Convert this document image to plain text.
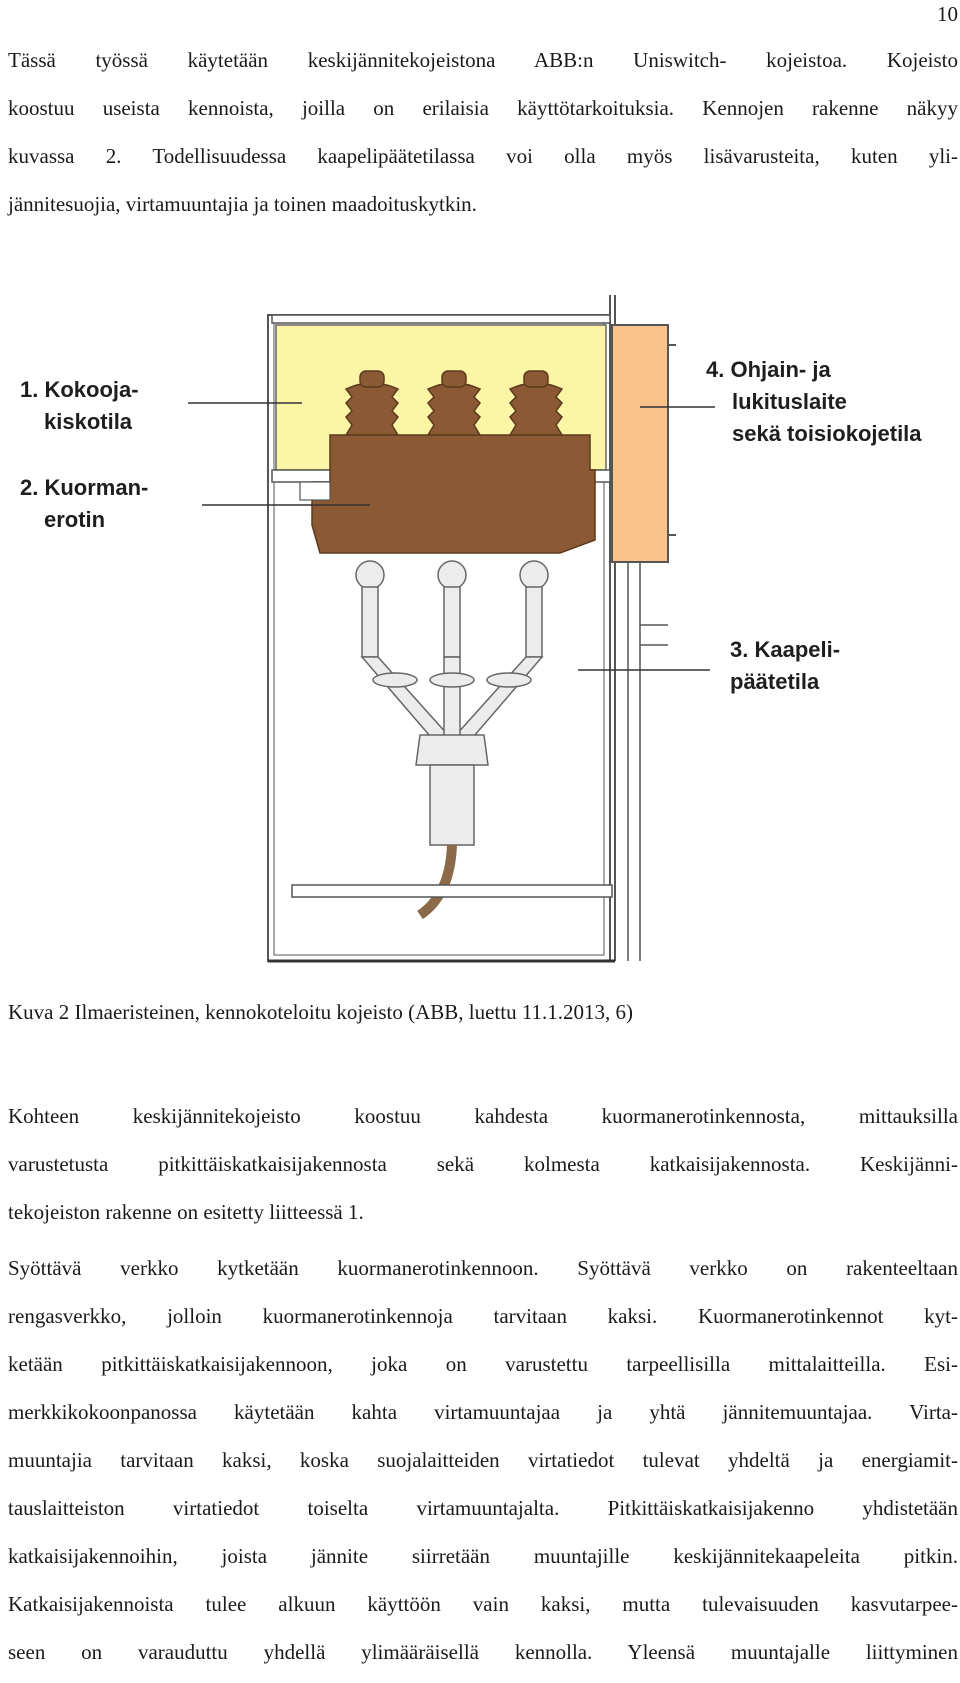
10

Tässä työssä käytetään keskijännitekojeistona ABB:n Uniswitch- kojeistoa. Kojeisto
koostuu useista kennoista, joilla on erilaisia käyttötarkoituksia. Kennojen rakenne näkyy
kuvassa 2. Todellisuudessa kaapelipäätetilassa voi olla myös lisävarusteita, kuten yli-
jännitesuojia, virtamuuntajia ja toinen maadoituskytkin.

1. Kokooja-
kiskotila
2. Kuorman-
erotin
3. Kaapeli-
päätetila
4. Ohjain- ja
lukituslaite
sekä toisiokojetila

Kuva 2 Ilmaeristeinen, kennokoteloitu kojeisto (ABB, luettu 11.1.2013, 6)

Kohteen keskijännitekojeisto koostuu kahdesta kuormanerotinkennosta, mittauksilla
varustetusta pitkittäiskatkaisijakennosta sekä kolmesta katkaisijakennosta. Keskijänni-
tekojeiston rakenne on esitetty liitteessä 1.

Syöttävä verkko kytketään kuormanerotinkennoon. Syöttävä verkko on rakenteeltaan
rengasverkko, jolloin kuormanerotinkennoja tarvitaan kaksi. Kuormanerotinkennot kyt-
ketään pitkittäiskatkaisijakennoon, joka on varustettu tarpeellisilla mittalaitteilla. Esi-
merkkikokoonpanossa käytetään kahta virtamuuntajaa ja yhtä jännitemuuntajaa. Virta-
muuntajia tarvitaan kaksi, koska suojalaitteiden virtatiedot tulevat yhdeltä ja energiamit-
tauslaitteiston virtatiedot toiselta virtamuuntajalta. Pitkittäiskatkaisijakenno yhdistetään
katkaisijakennoihin, joista jännite siirretään muuntajille keskijännitekaapeleita pitkin.
Katkaisijakennoista tulee alkuun käyttöön vain kaksi, mutta tulevaisuuden kasvutarpee-
seen on varauduttu yhdellä ylimääräisellä kennolla. Yleensä muuntajalle liittyminen
